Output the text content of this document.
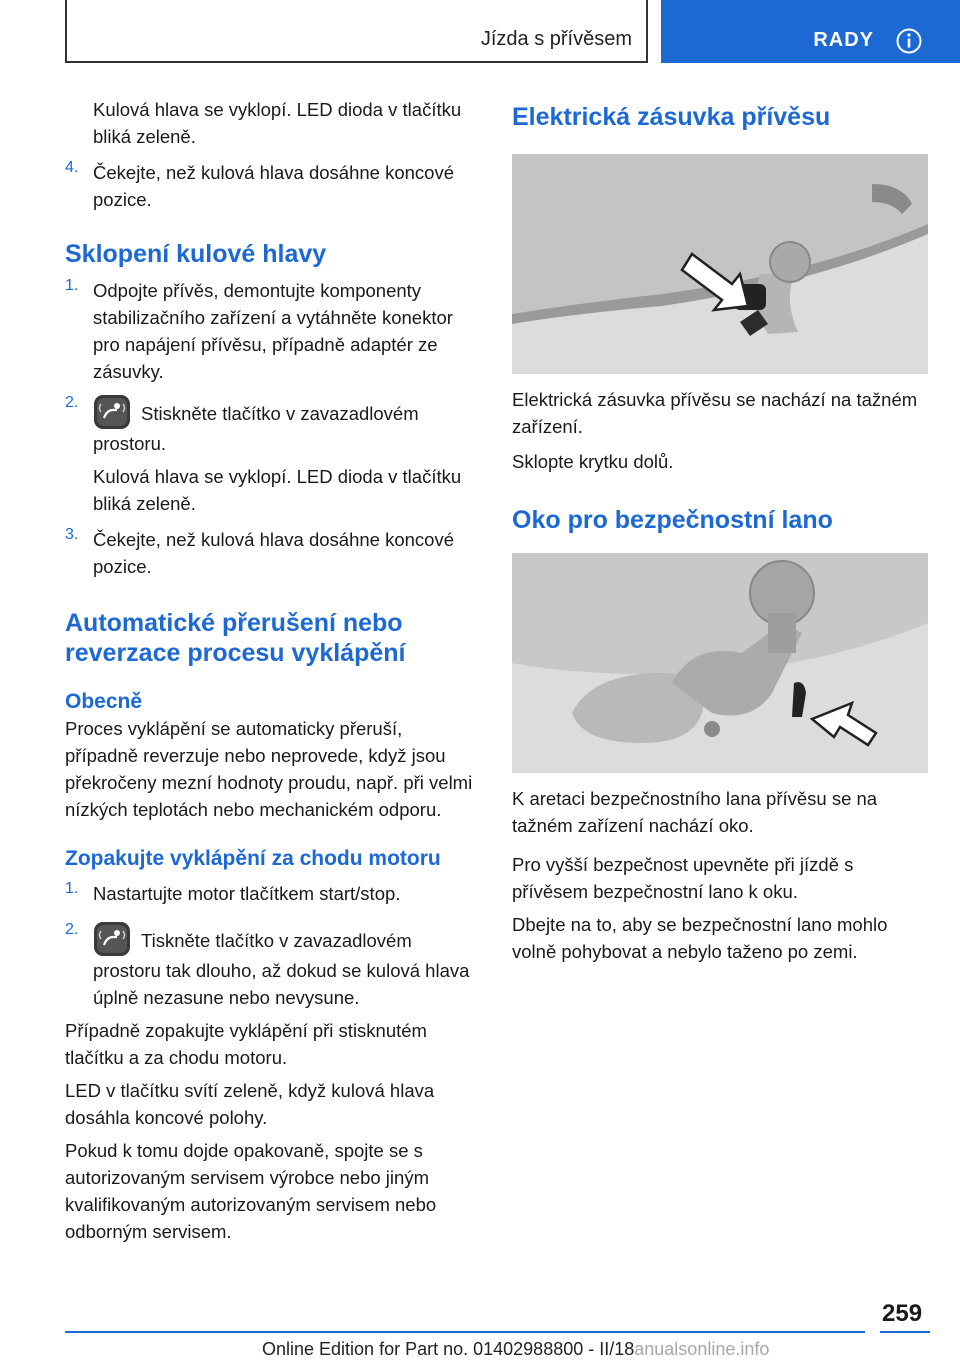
Jízda s přívěsem	RADY

Kulová hlava se vyklopí. LED dioda v tlačítku bliká zeleně.

4. Čekejte, než kulová hlava dosáhne koncové pozice.

Sklopení kulové hlavy
1. Odpojte přívěs, demontujte komponenty stabilizačního zařízení a vytáhněte konektor pro napájení přívěsu, případně adaptér ze zásuvky.

2.

Stiskněte tlačítko v zavazadlovém prostoru.

Kulová hlava se vyklopí. LED dioda v tlačítku bliká zeleně.

3. Čekejte, než kulová hlava dosáhne koncové pozice.

Automatické přerušení nebo reverzace procesu vyklápění
Obecně

Proces vyklápění se automaticky přeruší, případně reverzuje nebo neprovede, když jsou překročeny mezní hodnoty proudu, např. při velmi nízkých teplotách nebo mechanickém odporu.

Zopakujte vyklápění za chodu motoru
1. Nastartujte motor tlačítkem start/stop.

2.

Tiskněte tlačítko v zavazadlovém prostoru tak dlouho, až dokud se kulová hlava úplně nezasune nebo nevysune.

Případně zopakujte vyklápění při stisknutém tlačítku a za chodu motoru.

LED v tlačítku svítí zeleně, když kulová hlava dosáhla koncové polohy.

Pokud k tomu dojde opakovaně, spojte se s autorizovaným servisem výrobce nebo jiným kvalifikovaným autorizovaným servisem nebo odborným servisem.

Elektrická zásuvka přívěsu

Elektrická zásuvka přívěsu se nachází na tažném zařízení.

Sklopte krytku dolů.

Oko pro bezpečnostní lano

K aretaci bezpečnostního lana přívěsu se na tažném zařízení nachází oko.

Pro vyšší bezpečnost upevněte při jízdě s přívěsem bezpečnostní lano k oku.

Dbejte na to, aby se bezpečnostní lano mohlo volně pohybovat a nebylo taženo po zemi.

259
Online Edition for Part no. 01402988800 - II/18anualsonline.info
